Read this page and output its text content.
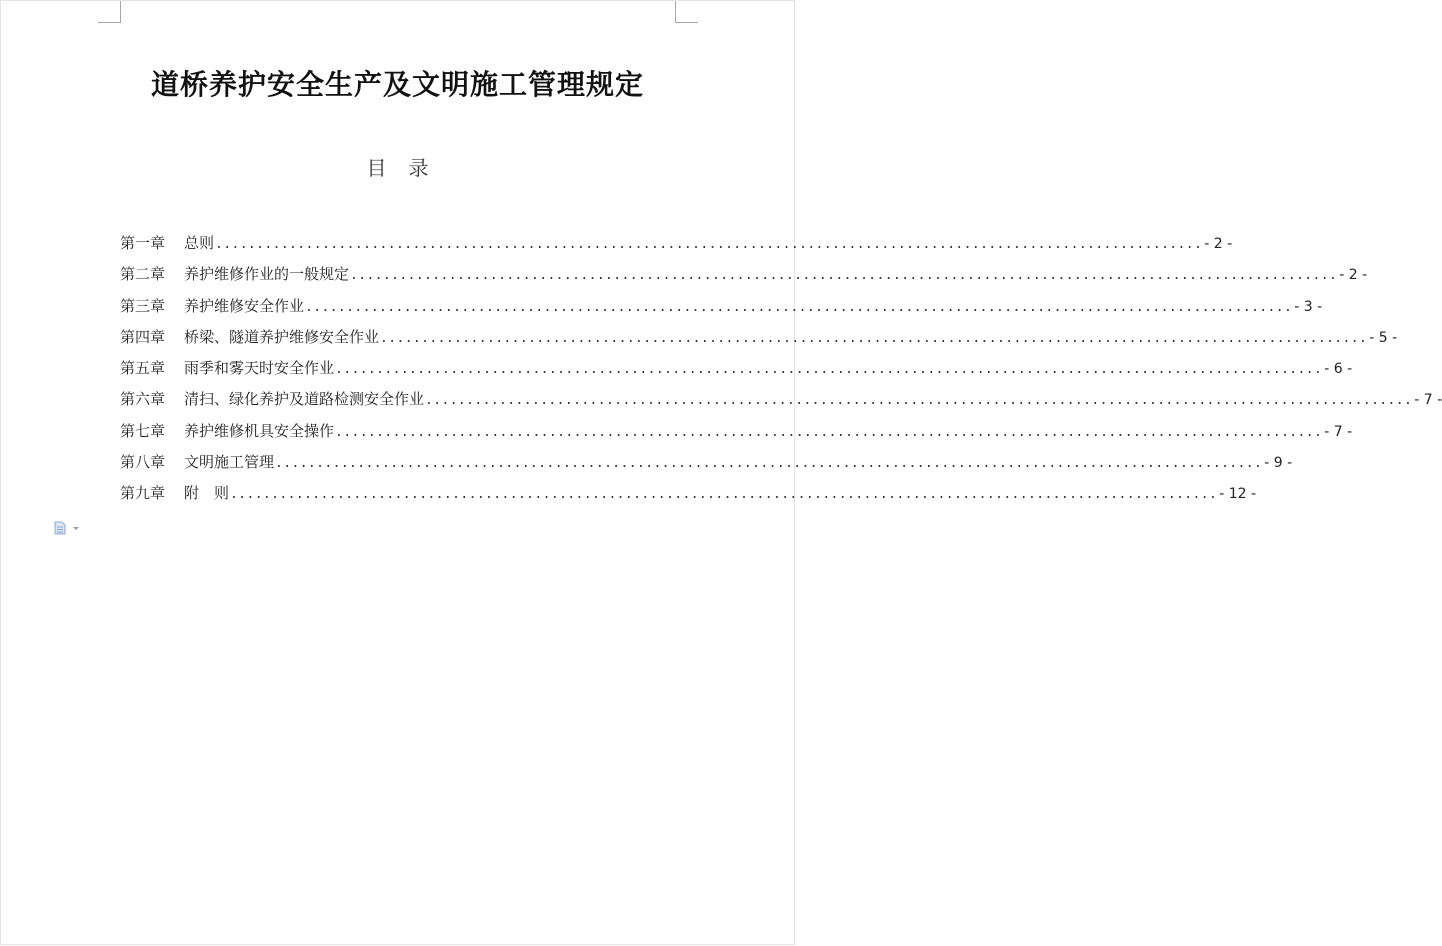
道桥养护安全生产及文明施工管理规定
目录
第一章	总则 ........................................................................................................................ - 2 -
第二章	养护维修作业的一般规定 ........................................................................................................................ - 2 -
第三章	养护维修安全作业 ........................................................................................................................ - 3 -
第四章	桥梁、隧道养护维修安全作业 ........................................................................................................................ - 5 -
第五章	雨季和雾天时安全作业 ........................................................................................................................ - 6 -
第六章	清扫、绿化养护及道路检测安全作业 ........................................................................................................................ - 7 -
第七章	养护维修机具安全操作 ........................................................................................................................ - 7 -
第八章	文明施工管理 ........................................................................................................................ - 9 -
第九章	附　则 ........................................................................................................................ - 12 -
